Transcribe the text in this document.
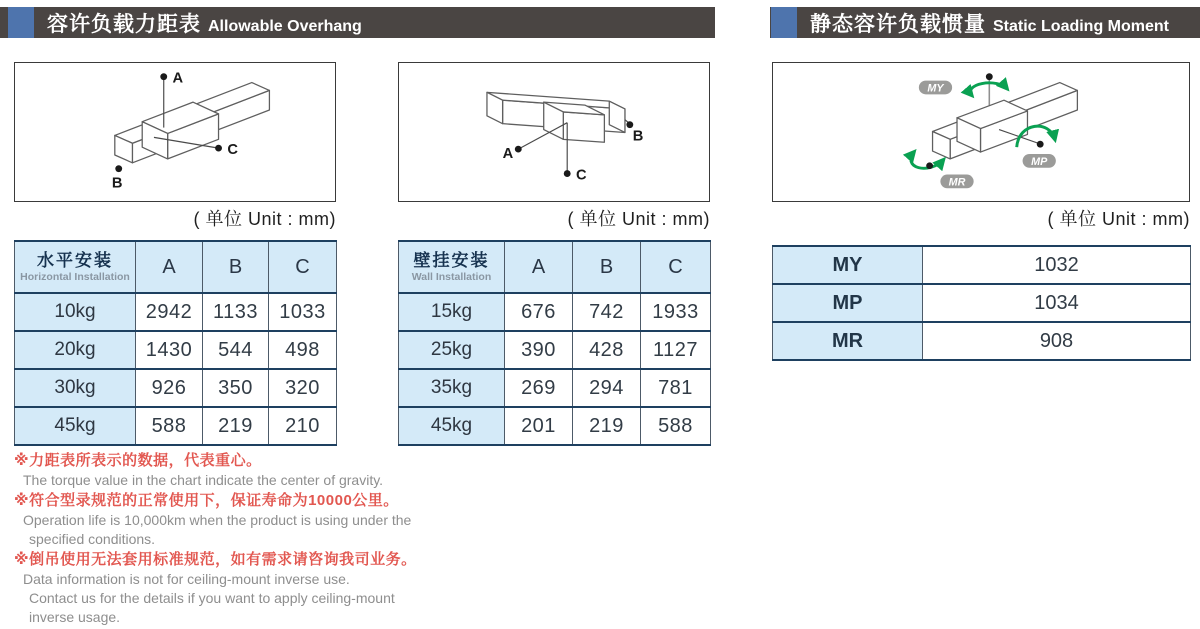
容许负载力距表 Allowable Overhang	静态容许负载惯量 Static Loading Moment
A
B
C
( 单位 Unit : mm)
A
B
C
( 单位 Unit : mm)
MY
MP
MR
( 单位 Unit : mm)
水平安装
Horizontal Installation	A	B	C
10kg	2942	1133	1033
20kg	1430	544	498
30kg	926	350	320
45kg	588	219	210
壁挂安装
Wall Installation	A	B	C
15kg	676	742	1933
25kg	390	428	1127
35kg	269	294	781
45kg	201	219	588
MY	1032
MP	1034
MR	908
※力距表所表示的数据，代表重心。
The torque value in the chart indicate the center of gravity.
※符合型录规范的正常使用下，保证寿命为10000公里。
Operation life is 10,000km when the product is using under the
specified conditions.
※倒吊使用无法套用标准规范，如有需求请咨询我司业务。
Data information is not for ceiling-mount inverse use.
Contact us for the details if you want to apply ceiling-mount
inverse usage.
